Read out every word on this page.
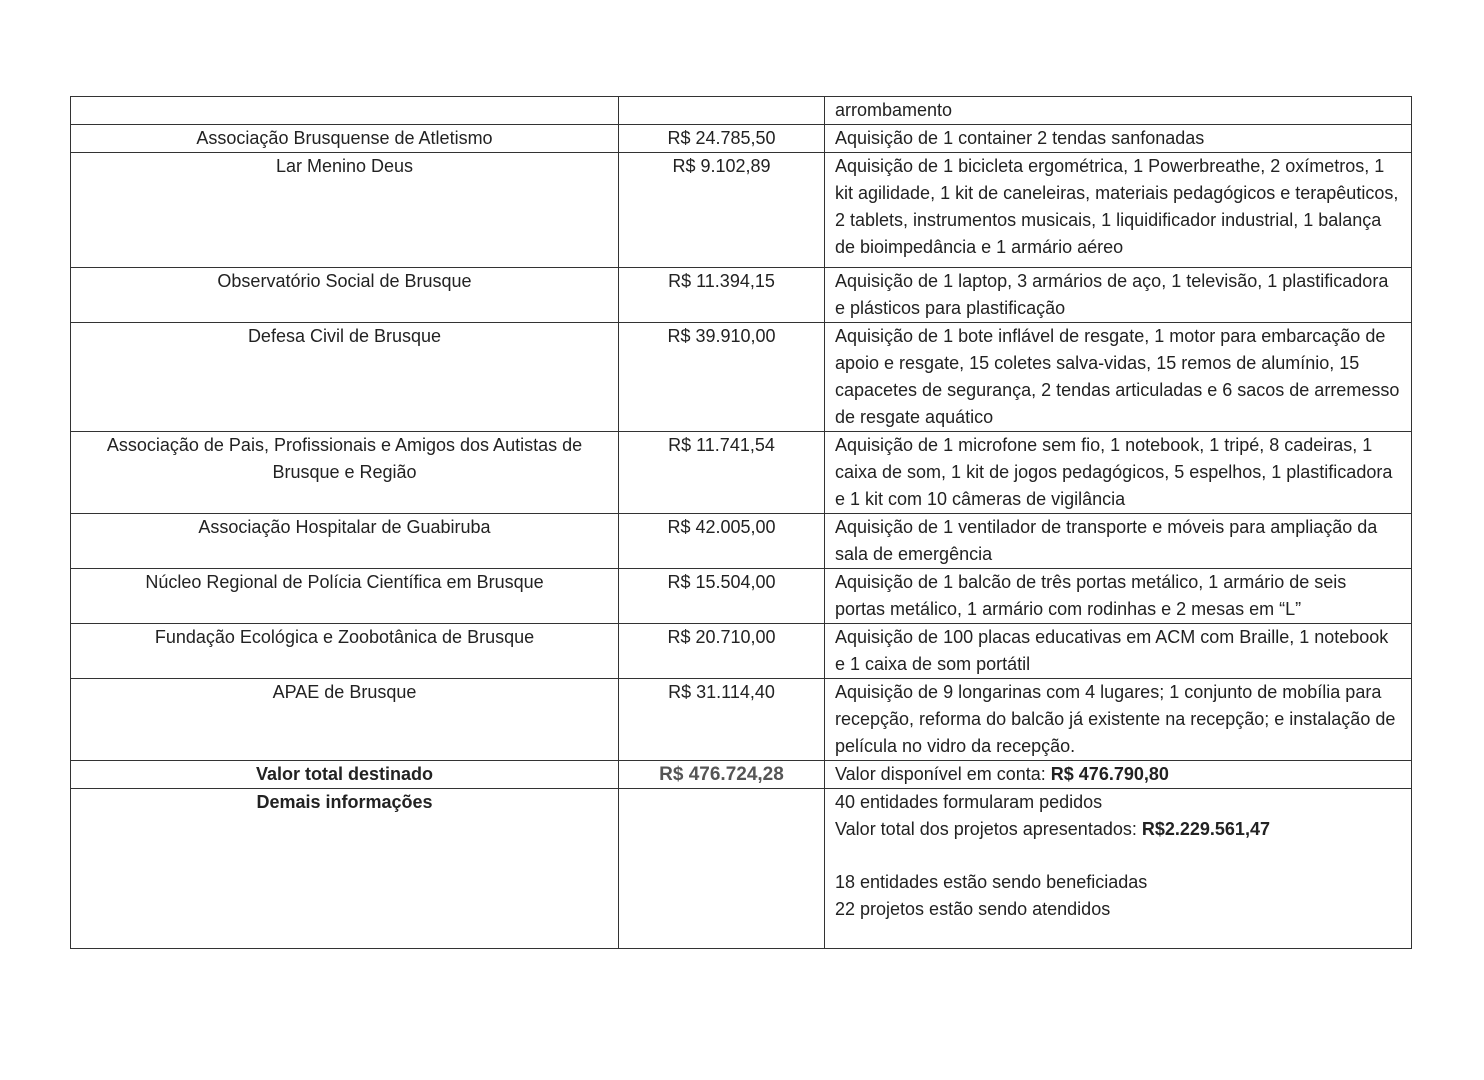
		arrombamento
Associação Brusquense de Atletismo	R$ 24.785,50	Aquisição de 1 container 2 tendas sanfonadas
Lar Menino Deus	R$ 9.102,89	Aquisição de 1 bicicleta ergométrica, 1 Powerbreathe, 2 oxímetros, 1 kit agilidade, 1 kit de caneleiras, materiais pedagógicos e terapêuticos, 2 tablets, instrumentos musicais, 1 liquidificador industrial, 1 balança de bioimpedância e 1 armário aéreo
Observatório Social de Brusque	R$ 11.394,15	Aquisição de 1 laptop, 3 armários de aço, 1 televisão, 1 plastificadora e plásticos para plastificação
Defesa Civil de Brusque	R$ 39.910,00	Aquisição de 1 bote inflável de resgate, 1 motor para embarcação de apoio e resgate, 15 coletes salva-vidas, 15 remos de alumínio, 15 capacetes de segurança, 2 tendas articuladas e 6 sacos de arremesso de resgate aquático
Associação de Pais, Profissionais e Amigos dos Autistas de Brusque e Região	R$ 11.741,54	Aquisição de 1 microfone sem fio, 1 notebook, 1 tripé, 8 cadeiras, 1 caixa de som, 1 kit de jogos pedagógicos, 5 espelhos, 1 plastificadora e 1 kit com 10 câmeras de vigilância
Associação Hospitalar de Guabiruba	R$ 42.005,00	Aquisição de 1 ventilador de transporte e móveis para ampliação da sala de emergência
Núcleo Regional de Polícia Científica em Brusque	R$ 15.504,00	Aquisição de 1 balcão de três portas metálico, 1 armário de seis portas metálico, 1 armário com rodinhas e 2 mesas em “L”
Fundação Ecológica e Zoobotânica de Brusque	R$ 20.710,00	Aquisição de 100 placas educativas em ACM com Braille, 1 notebook e 1 caixa de som portátil
APAE de Brusque	R$ 31.114,40	Aquisição de 9 longarinas com 4 lugares; 1 conjunto de mobília para recepção, reforma do balcão já existente na recepção; e instalação de película no vidro da recepção.
Valor total destinado	R$ 476.724,28	Valor disponível em conta: R$ 476.790,80
Demais informações		40 entidades formularam pedidos
Valor total dos projetos apresentados: R$2.229.561,47
18 entidades estão sendo beneficiadas
22 projetos estão sendo atendidos
